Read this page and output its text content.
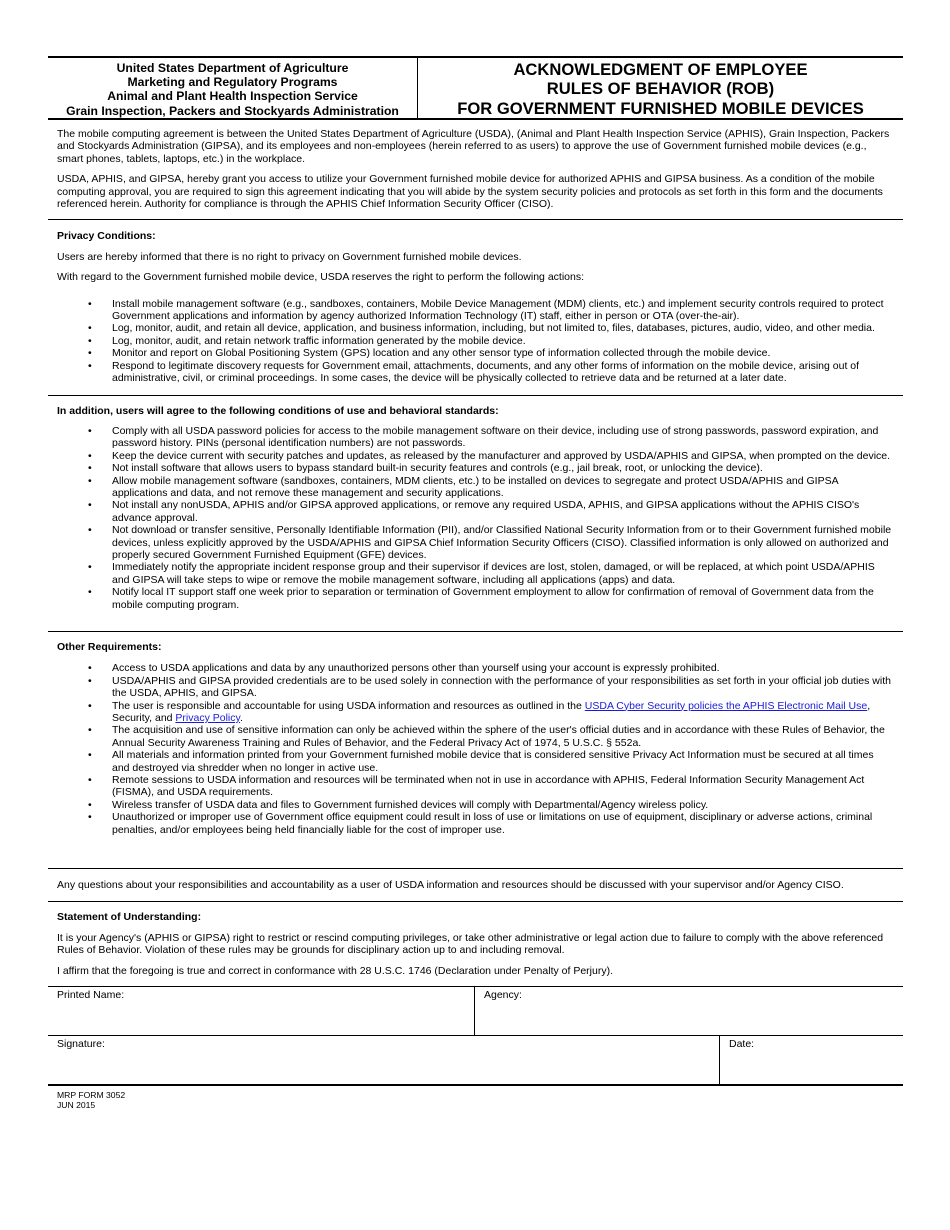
United States Department of Agriculture
Marketing and Regulatory Programs
Animal and Plant Health Inspection Service
Grain Inspection, Packers and Stockyards Administration
ACKNOWLEDGMENT OF EMPLOYEE
RULES OF BEHAVIOR (ROB)
FOR GOVERNMENT FURNISHED MOBILE DEVICES

The mobile computing agreement is between the United States Department of Agriculture (USDA), (Animal and Plant Health Inspection Service (APHIS), Grain Inspection, Packers and Stockyards Administration (GIPSA), and its employees and non-employees (herein referred to as users) to approve the use of Government furnished mobile devices (e.g., smart phones, tablets, laptops, etc.) in the workplace.

USDA, APHIS, and GIPSA, hereby grant you access to utilize your Government furnished mobile device for authorized APHIS and GIPSA business. As a condition of the mobile computing approval, you are required to sign this agreement indicating that you will abide by the system security policies and protocols as set forth in this form and the documents referenced herein. Authority for compliance is through the APHIS Chief Information Security Officer (CISO).

Privacy Conditions:

Users are hereby informed that there is no right to privacy on Government furnished mobile devices.

With regard to the Government furnished mobile device, USDA reserves the right to perform the following actions:

• Install mobile management software (e.g., sandboxes, containers, Mobile Device Management (MDM) clients, etc.) and implement security controls required to protect Government applications and information by agency authorized Information Technology (IT) staff, either in person or OTA (over-the-air).
• Log, monitor, audit, and retain all device, application, and business information, including, but not limited to, files, databases, pictures, audio, video, and other media.
• Log, monitor, audit, and retain network traffic information generated by the mobile device.
• Monitor and report on Global Positioning System (GPS) location and any other sensor type of information collected through the mobile device.
• Respond to legitimate discovery requests for Government email, attachments, documents, and any other forms of information on the mobile device, arising out of administrative, civil, or criminal proceedings. In some cases, the device will be physically collected to retrieve data and be returned at a later date.

In addition, users will agree to the following conditions of use and behavioral standards:

• Comply with all USDA password policies for access to the mobile management software on their device, including use of strong passwords, password expiration, and password history. PINs (personal identification numbers) are not passwords.
• Keep the device current with security patches and updates, as released by the manufacturer and approved by USDA/APHIS and GIPSA, when prompted on the device.
• Not install software that allows users to bypass standard built-in security features and controls (e.g., jail break, root, or unlocking the device).
• Allow mobile management software (sandboxes, containers, MDM clients, etc.) to be installed on devices to segregate and protect USDA/APHIS and GIPSA applications and data, and not remove these management and security applications.
• Not install any nonUSDA, APHIS and/or GIPSA approved applications, or remove any required USDA, APHIS, and GIPSA applications without the APHIS CISO's advance approval.
• Not download or transfer sensitive, Personally Identifiable Information (PII), and/or Classified National Security Information from or to their Government furnished mobile devices, unless explicitly approved by the USDA/APHIS and GIPSA Chief Information Security Officers (CISO). Classified information is only allowed on authorized and properly secured Government Furnished Equipment (GFE) devices.
• Immediately notify the appropriate incident response group and their supervisor if devices are lost, stolen, damaged, or will be replaced, at which point USDA/APHIS and GIPSA will take steps to wipe or remove the mobile management software, including all applications (apps) and data.
• Notify local IT support staff one week prior to separation or termination of Government employment to allow for confirmation of removal of Government data from the mobile computing program.

Other Requirements:

• Access to USDA applications and data by any unauthorized persons other than yourself using your account is expressly prohibited.
• USDA/APHIS and GIPSA provided credentials are to be used solely in connection with the performance of your responsibilities as set forth in your official job duties with the USDA, APHIS, and GIPSA.
• The user is responsible and accountable for using USDA information and resources as outlined in the USDA Cyber Security policies the APHIS Electronic Mail Use, Security, and Privacy Policy.
• The acquisition and use of sensitive information can only be achieved within the sphere of the user's official duties and in accordance with these Rules of Behavior, the Annual Security Awareness Training and Rules of Behavior, and the Federal Privacy Act of 1974, 5 U.S.C. § 552a.
• All materials and information printed from your Government furnished mobile device that is considered sensitive Privacy Act Information must be secured at all times and destroyed via shredder when no longer in active use.
• Remote sessions to USDA information and resources will be terminated when not in use in accordance with APHIS, Federal Information Security Management Act (FISMA), and USDA requirements.
• Wireless transfer of USDA data and files to Government furnished devices will comply with Departmental/Agency wireless policy.
• Unauthorized or improper use of Government office equipment could result in loss of use or limitations on use of equipment, disciplinary or adverse actions, criminal penalties, and/or employees being held financially liable for the cost of improper use.

Any questions about your responsibilities and accountability as a user of USDA information and resources should be discussed with your supervisor and/or Agency CISO.

Statement of Understanding:

It is your Agency's (APHIS or GIPSA) right to restrict or rescind computing privileges, or take other administrative or legal action due to failure to comply with the above referenced Rules of Behavior. Violation of these rules may be grounds for disciplinary action up to and including removal.

I affirm that the foregoing is true and correct in conformance with 28 U.S.C. 1746 (Declaration under Penalty of Perjury).

Printed Name:	Agency:
Signature:	Date:
MRP FORM 3052
JUN 2015
